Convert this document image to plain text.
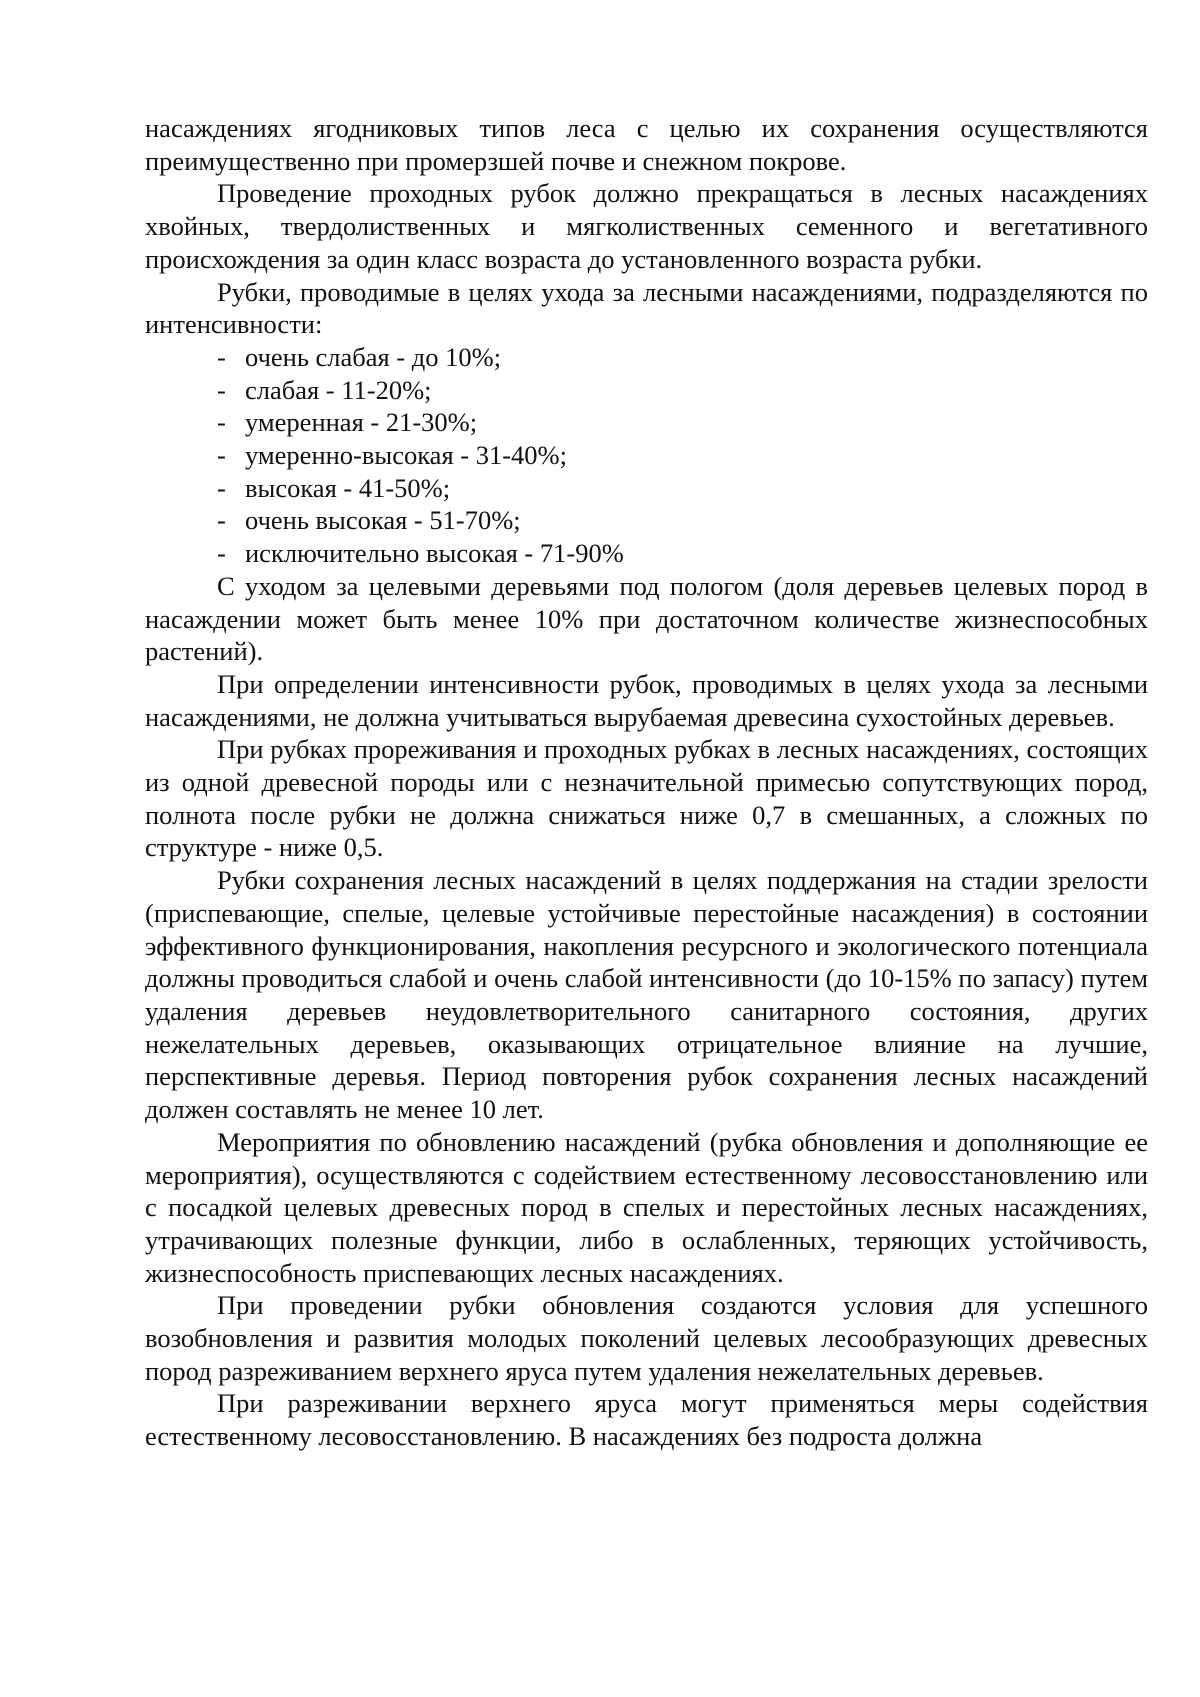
насаждениях ягодниковых типов леса с целью их сохранения осуществляются преимущественно при промерзшей почве и снежном покрове.

Проведение проходных рубок должно прекращаться в лесных насаждениях хвойных, твердолиственных и мягколиственных семенного и вегетативного происхождения за один класс возраста до установленного возраста рубки.

Рубки, проводимые в целях ухода за лесными насаждениями, подразделяются по интенсивности:

- очень слабая - до 10%;
- слабая - 11-20%;
- умеренная - 21-30%;
- умеренно-высокая - 31-40%;
- высокая - 41-50%;
- очень высокая - 51-70%;
- исключительно высокая - 71-90%

С уходом за целевыми деревьями под пологом (доля деревьев целевых пород в насаждении может быть менее 10% при достаточном количестве жизнеспособных растений).

При определении интенсивности рубок, проводимых в целях ухода за лесными насаждениями, не должна учитываться вырубаемая древесина сухостойных деревьев.

При рубках прореживания и проходных рубках в лесных насаждениях, состоящих из одной древесной породы или с незначительной примесью сопутствующих пород, полнота после рубки не должна снижаться ниже 0,7 в смешанных, а сложных по структуре - ниже 0,5.

Рубки сохранения лесных насаждений в целях поддержания на стадии зрелости (приспевающие, спелые, целевые устойчивые перестойные насаждения) в состоянии эффективного функционирования, накопления ресурсного и экологического потенциала должны проводиться слабой и очень слабой интенсивности (до 10-15% по запасу) путем удаления деревьев неудовлетворительного санитарного состояния, других нежелательных деревьев, оказывающих отрицательное влияние на лучшие, перспективные деревья. Период повторения рубок сохранения лесных насаждений должен составлять не менее 10 лет.

Мероприятия по обновлению насаждений (рубка обновления и дополняющие ее мероприятия), осуществляются с содействием естественному лесовосстановлению или с посадкой целевых древесных пород в спелых и перестойных лесных насаждениях, утрачивающих полезные функции, либо в ослабленных, теряющих устойчивость, жизнеспособность приспевающих лесных насаждениях.

При проведении рубки обновления создаются условия для успешного возобновления и развития молодых поколений целевых лесообразующих древесных пород разреживанием верхнего яруса путем удаления нежелательных деревьев.

При разреживании верхнего яруса могут применяться меры содействия естественному лесовосстановлению. В насаждениях без подроста должна
